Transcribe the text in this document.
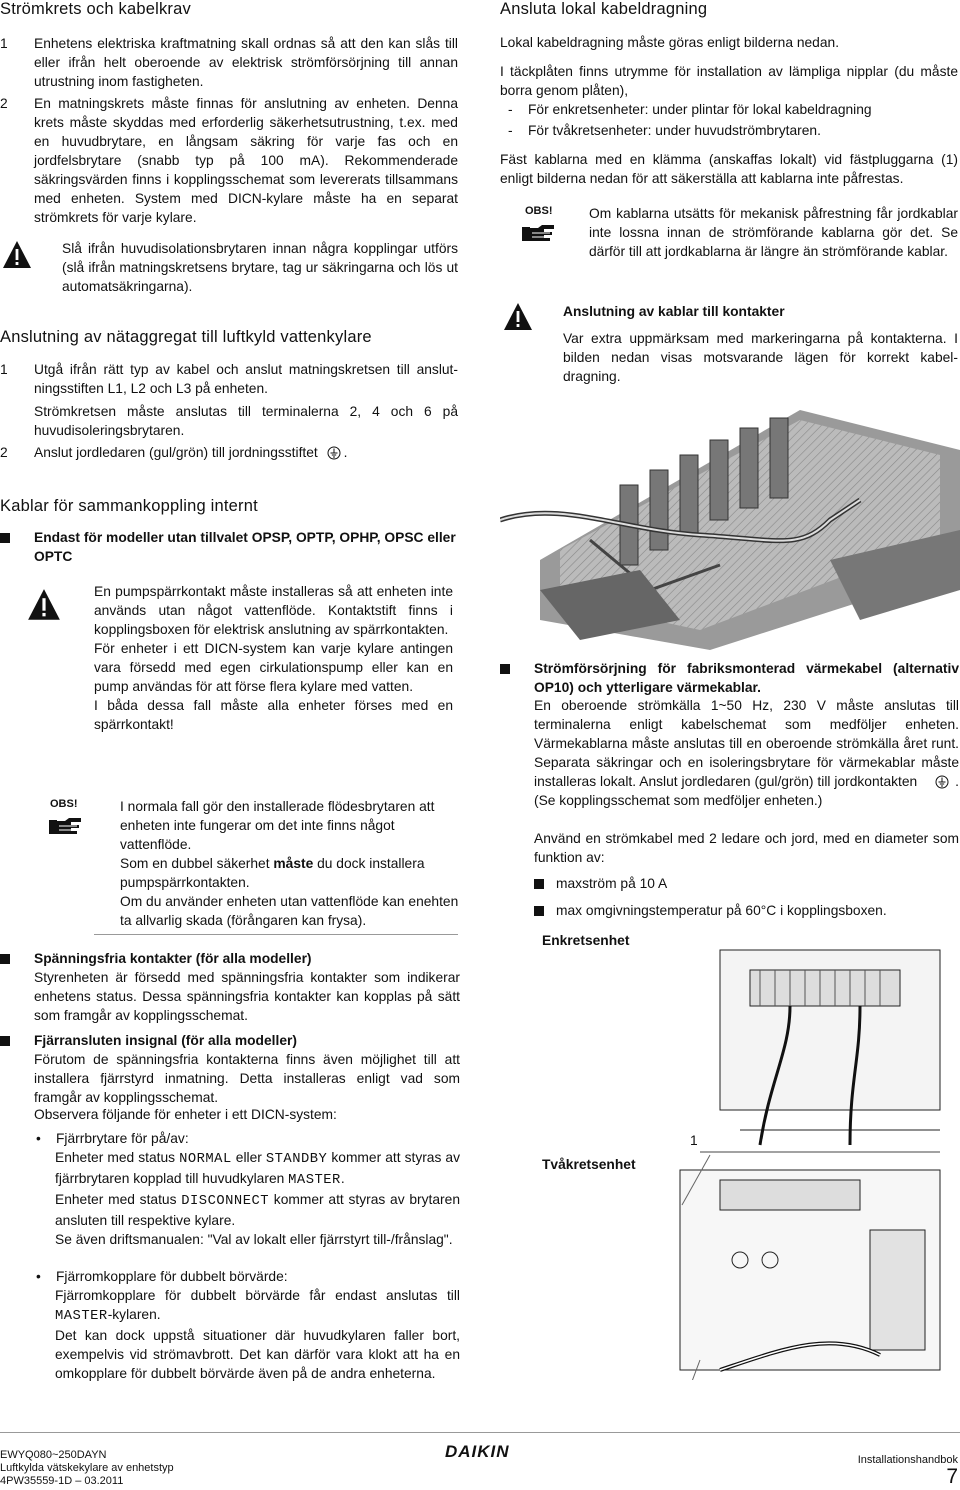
Strömkrets och kabelkrav
1 Enhetens elektriska kraftmatning skall ordnas så att den kan slås till eller ifrån helt oberoende av elektrisk strömförsörjning till annan utrustning inom fastigheten.
2 En matningskrets måste finnas för anslutning av enheten. Denna krets måste skyddas med erforderlig säkerhetsutrustning, t.ex. med en huvudbrytare, en långsam säkring för varje fas och en jordfelsbrytare (snabb typ på 100 mA). Rekommenderade säkringsvärden finns i kopplingsschemat som levererats tillsammans med enheten. System med DICN-kylare måste ha en separat strömkrets för varje kylare.
Slå ifrån huvudisolationsbrytaren innan några kopplingar utförs (slå ifrån matningskretsens brytare, tag ur säkringarna och lös ut automatsäkringarna).
Anslutning av nätaggregat till luftkyld vattenkylare
1 Utgå ifrån rätt typ av kabel och anslut matningskretsen till anslutningsstiften L1, L2 och L3 på enheten.
Strömkretsen måste anslutas till terminalerna 2, 4 och 6 på huvudisoleringsbrytaren.
2 Anslut jordledaren (gul/grön) till jordningsstiftet .
Ansluta lokal kabeldragning
Lokal kabeldragning måste göras enligt bilderna nedan.
I täckplåten finns utrymme för installation av lämpliga nipplar (du måste borra genom plåten),
- För enkretsenheter: under plintar för lokal kabeldragning
- För tvåkretsenheter: under huvudströmbrytaren.
Fäst kablarna med en klämma (anskaffas lokalt) vid fästpluggarna (1) enligt bilderna nedan för att säkerställa att kablarna inte påfrestas.
OBS!	Om kablarna utsätts för mekanisk påfrestning får jordkablar inte lossna innan de strömförande kablarna gör det. Se därför till att jordkablarna är längre än strömförande kablar.
Anslutning av kablar till kontakter
Var extra uppmärksam med markeringarna på kontakterna. I bilden nedan visas motsvarande lägen för korrekt kabeldragning.
Kablar för sammankoppling internt
Endast för modeller utan tillvalet OPSP, OPTP, OPHP, OPSC eller OPTC
En pumpspärrkontakt måste installeras så att enheten inte används utan något vattenflöde. Kontaktstift finns i kopplingsboxen för elektrisk anslutning av spärrkontakten.
För enheter i ett DICN-system kan varje kylare antingen vara försedd med egen cirkulationspump eller kan en pump användas för att förse flera kylare med vatten.
I båda dessa fall måste alla enheter förses med en spärrkontakt!
OBS!	I normala fall gör den installerade flödesbrytaren att enheten inte fungerar om det inte finns något vattenflöde.
Som en dubbel säkerhet måste du dock installera pumpspärrkontakten.
Om du använder enheten utan vattenflöde kan enehten ta allvarlig skada (förångaren kan frysa).
Spänningsfria kontakter (för alla modeller)
Styrenheten är försedd med spänningsfria kontakter som indikerar enhetens status. Dessa spänningsfria kontakter kan kopplas på sätt som framgår av kopplingsschemat.
Fjärransluten insignal (för alla modeller)
Förutom de spänningsfria kontakterna finns även möjlighet till att installera fjärrstyrd inmatning. Detta installeras enligt vad som framgår av kopplingsschemat.
Observera följande för enheter i ett DICN-system:
• Fjärrbrytare för på/av:
Enheter med status NORMAL eller STANDBY kommer att styras av fjärrbrytaren kopplad till huvudkylaren MASTER.
Enheter med status DISCONNECT kommer att styras av brytaren ansluten till respektive kylare.
Se även driftsmanualen: "Val av lokalt eller fjärrstyrt till-/frånslag".
• Fjärromkopplare för dubbelt börvärde:
Fjärromkopplare för dubbelt börvärde får endast anslutas till MASTER-kylaren.
Det kan dock uppstå situationer där huvudkylaren faller bort, exempelvis vid strömavbrott. Det kan därför vara klokt att ha en omkopplare för dubbelt börvärde även på de andra enheterna.
Strömförsörjning för fabriksmonterad värmekabel (alternativ OP10) och ytterligare värmekablar.
En oberoende strömkälla 1~50 Hz, 230 V måste anslutas till terminalerna enligt kabelschemat som medföljer enheten. Värmekablarna måste anslutas till en oberoende strömkälla året runt. Separata säkringar och en isoleringsbrytare för värmekablar måste installeras lokalt. Anslut jordledaren (gul/grön) till jordkontakten	. (Se kopplingsschemat som medföljer enheten.)
Använd en strömkabel med 2 ledare och jord, med en diameter som funktion av:
maxström på 10 A
max omgivningstemperatur på 60°C i kopplingsboxen.
Enkretsenhet
Tvåkretsenhet
1
EWYQ080~250DAYN
Luftkylda vätskekylare av enhetstyp
4PW35559-1D – 03.2011
DAIKIN	Installationshandbok
7
